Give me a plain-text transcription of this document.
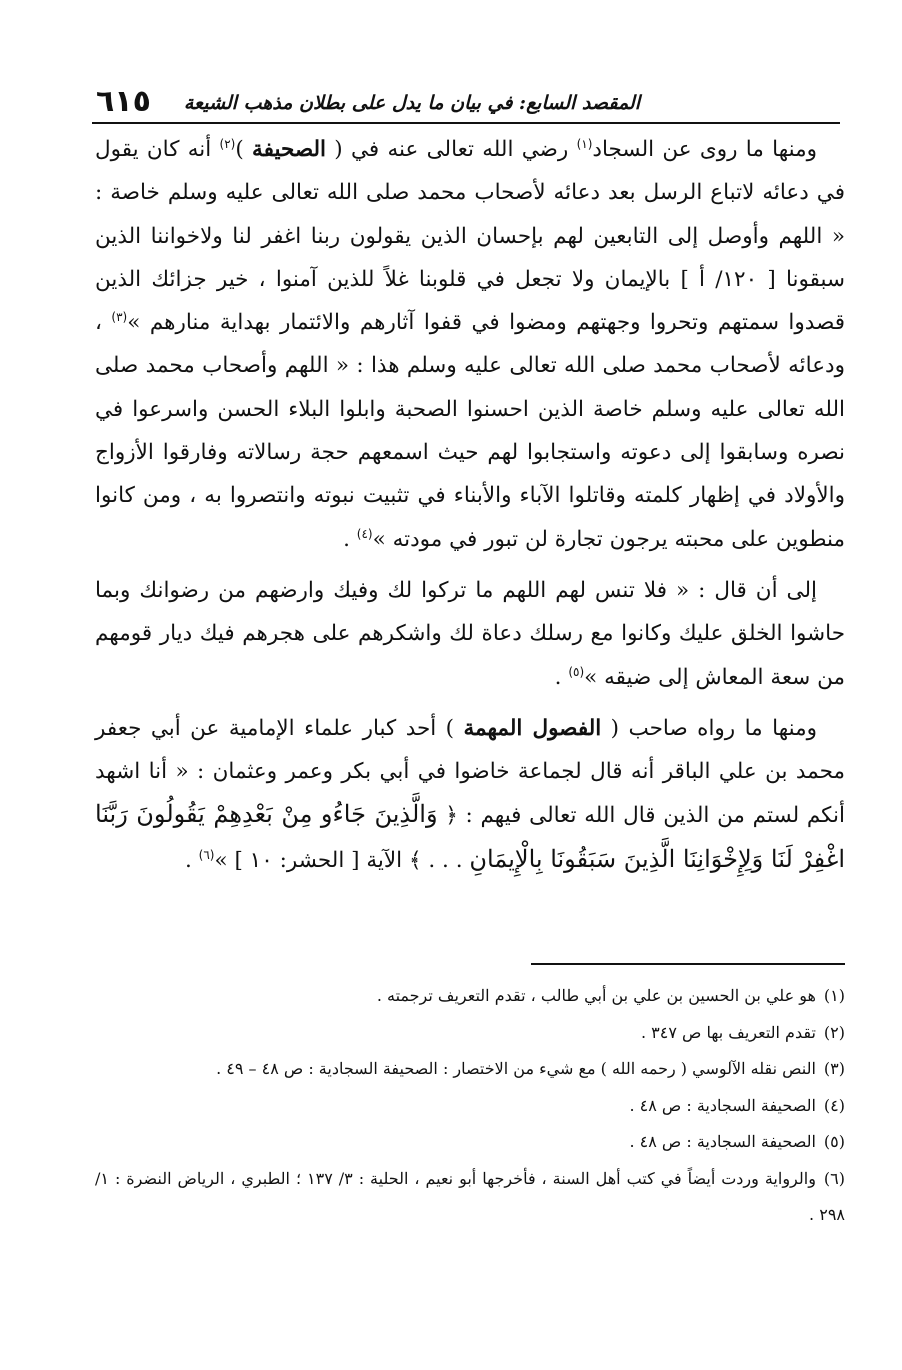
٦١٥ المقصد السابع: في بيان ما يدل على بطلان مذهب الشيعة

ومنها ما روى عن السجاد$^{(١)}$ رضي الله تعالى عنه في ( الصحيفة )$^{(٢)}$ أنه كان يقول في دعائه لاتباع الرسل بعد دعائه لأصحاب محمد صلى الله تعالى عليه وسلم خاصة : « اللهم وأوصل إلى التابعين لهم بإحسان الذين يقولون ربنا اغفر لنا ولاخواننا الذين سبقونا [ ١٢٠/ أ ] بالإيمان ولا تجعل في قلوبنا غلاً للذين آمنوا ، خير جزائك الذين قصدوا سمتهم وتحروا وجهتهم ومضوا في قفوا آثارهم والائتمار بهداية منارهم »$^{(٣)}$ ، ودعائه لأصحاب محمد صلى الله تعالى عليه وسلم هذا : « اللهم وأصحاب محمد صلى الله تعالى عليه وسلم خاصة الذين احسنوا الصحبة وابلوا البلاء الحسن واسرعوا في نصره وسابقوا إلى دعوته واستجابوا لهم حيث اسمعهم حجة رسالاته وفارقوا الأزواج والأولاد في إظهار كلمته وقاتلوا الآباء والأبناء في تثبيت نبوته وانتصروا به ، ومن كانوا منطوين على محبته يرجون تجارة لن تبور في مودته »$^{(٤)}$ .

إلى أن قال : « فلا تنس لهم اللهم ما تركوا لك وفيك وارضهم من رضوانك وبما حاشوا الخلق عليك وكانوا مع رسلك دعاة لك واشكرهم على هجرهم فيك ديار قومهم من سعة المعاش إلى ضيقه »$^{(٥)}$ .

ومنها ما رواه صاحب ( الفصول المهمة ) أحد كبار علماء الإمامية عن أبي جعفر محمد بن علي الباقر أنه قال لجماعة خاضوا في أبي بكر وعمر وعثمان : « أنا اشهد أنكم لستم من الذين قال الله تعالى فيهم : ﴿ وَالَّذِينَ جَاءُو مِنْ بَعْدِهِمْ يَقُولُونَ رَبَّنَا اغْفِرْ لَنَا وَلِإِخْوَانِنَا الَّذِينَ سَبَقُونَا بِالْإِيمَانِ . . . ﴾ الآية [ الحشر: ١٠ ] »$^{(٦)}$ .

(١)هو علي بن الحسين بن علي بن أبي طالب ، تقدم التعريف ترجمته .

(٢)تقدم التعريف بها ص ٣٤٧ .

(٣)النص نقله الآلوسي ( رحمه الله ) مع شيء من الاختصار : الصحيفة السجادية : ص ٤٨ – ٤٩ .

(٤)الصحيفة السجادية : ص ٤٨ .

(٥)الصحيفة السجادية : ص ٤٨ .

(٦)والرواية وردت أيضاً في كتب أهل السنة ، فأخرجها أبو نعيم ، الحلية : ٣/ ١٣٧ ؛ الطبري ، الرياض النضرة : ١/ ٢٩٨ .
